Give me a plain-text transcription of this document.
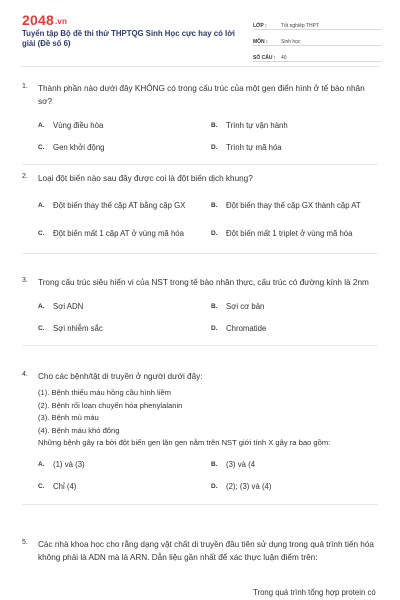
2048.vn
Tuyển tập Bộ đề thi thử THPTQG Sinh Học cực hay có lời giải (Đề số 6)
LỚP :	Tốt nghiệp THPT
MÔN :	Sinh học
SỐ CÂU :	40
1.	Thành phần nào dưới đây KHÔNG có trong cấu trúc của một gen điển hình ở tế bào nhân sơ?
A.	Vùng điều hòa	B.	Trình tự vận hành
C.	Gen khởi động	D.	Trình tự mã hóa
2.	Loại đột biến nào sau đây được coi là đột biến dịch khung?
A.	Đột biến thay thế cặp AT bằng cặp GX	B.	Đột biến thay thế cặp GX thành cặp AT
C.	Đột biến mất 1 cặp AT ở vùng mã hóa	D.	Đột biến mất 1 triplet ở vùng mã hóa
3.	Trong cấu trúc siêu hiển vi của NST trong tế bào nhân thực, cấu trúc có đường kính là 2nm
A.	Sợi ADN	B.	Sợi cơ bản
C.	Sợi nhiễm sắc	D.	Chromatide
4.	Cho các bệnh/tật di truyền ở người dưới đây:
(1). Bệnh thiếu máu hồng cầu hình liềm
(2). Bệnh rối loạn chuyển hóa phenylalanin
(3). Bệnh mù màu
(4). Bệnh máu khó đông
Những bệnh gây ra bởi đột biến gen lặn gen nằm trên NST giới tính X gây ra bao gồm:
A.	(1) và (3)	B.	(3) và (4
C.	Chỉ (4)	D.	(2); (3) và (4)
5.	Các nhà khoa học cho rằng dạng vật chất di truyền đầu tiên sử dụng trong quá trình tiến hóa không phải là ADN mà là ARN. Dẫn liệu gần nhất để xác thực luận điểm trên:
Trong quá trình tổng hợp protein có
